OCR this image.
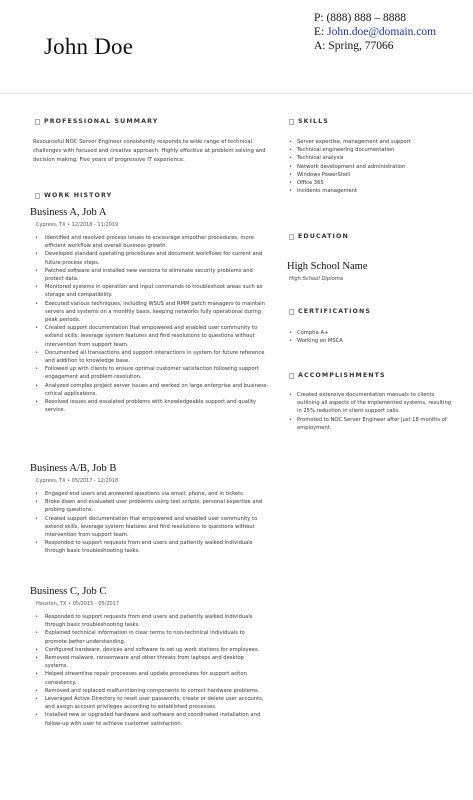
John Doe
P: (888) 888 – 8888
E: John.doe@domain.com
A: Spring, 77066
PROFESSIONAL SUMMARY
Resourceful NOC Server Engineer consistently responds to wide range of technical challenges with focused and creative approach. Highly effective at problem solving and decision making. Five years of progressive IT experience.
WORK HISTORY
Business A, Job A
Cypress, TX • 12/2018 - 11/2019
• Identified and resolved process issues to encourage smoother procedures, more efficient workflow and overall business growth.
• Developed standard operating procedures and document workflows for current and future process steps.
• Patched software and installed new versions to eliminate security problems and protect data.
• Monitored systems in operation and input commands to troubleshoot areas such as storage and compatibility.
• Executed various techniques, including WSUS and RMM patch managers to maintain servers and systems on a monthly basis, keeping networks fully operational during peak periods.
• Created support documentation that empowered and enabled user community to extend skills, leverage system features and find resolutions to questions without intervention from support team.
• Documented all transactions and support interactions in system for future reference and addition to knowledge base.
• Followed up with clients to ensure optimal customer satisfaction following support engagement and problem resolution.
• Analyzed complex project server issues and worked on large enterprise and business-critical applications.
• Resolved issues and escalated problems with knowledgeable support and quality service.
Business A/B, Job B
Cypress, TX • 05/2017 - 12/2018
• Engaged end users and answered questions via email, phone, and in tickets.
• Broke down and evaluated user problems using test scripts, personal expertise and probing questions.
• Created support documentation that empowered and enabled user community to extend skills, leverage system features and find resolutions to questions without intervention from support team.
• Responded to support requests from end users and patiently walked individuals through basic troubleshooting tasks.
Business C, Job C
Houston, TX • 05/2015 - 05/2017
• Responded to support requests from end users and patiently walked individuals through basic troubleshooting tasks.
• Explained technical information in clear terms to non-technical individuals to promote better understanding.
• Configured hardware, devices and software to set up work stations for employees.
• Removed malware, ransomware and other threats from laptops and desktop systems.
• Helped streamline repair processes and update procedures for support action consistency.
• Removed and replaced malfunctioning components to correct hardware problems.
• Leveraged Active Directory to reset user passwords, create or delete user accounts, and assign account privileges according to established processes.
• Installed new or upgraded hardware and software and coordinated installation and follow-up with user to achieve customer satisfaction.
SKILLS
• Server expertise, management and support
• Technical engineering documentation
• Technical analysis
• Network development and administration
• Windows PowerShell
• Office 365
• Incidents management
EDUCATION
High School Name
High School Diploma
CERTIFICATIONS
• Comptia A+
• Working on MSCA
ACCOMPLISHMENTS
• Created extensive documentation manuals to clients outlining all aspects of the implemented systems, resulting in 25% reduction in client support calls.
• Promoted to NOC Server Engineer after just 18 months of employment.
